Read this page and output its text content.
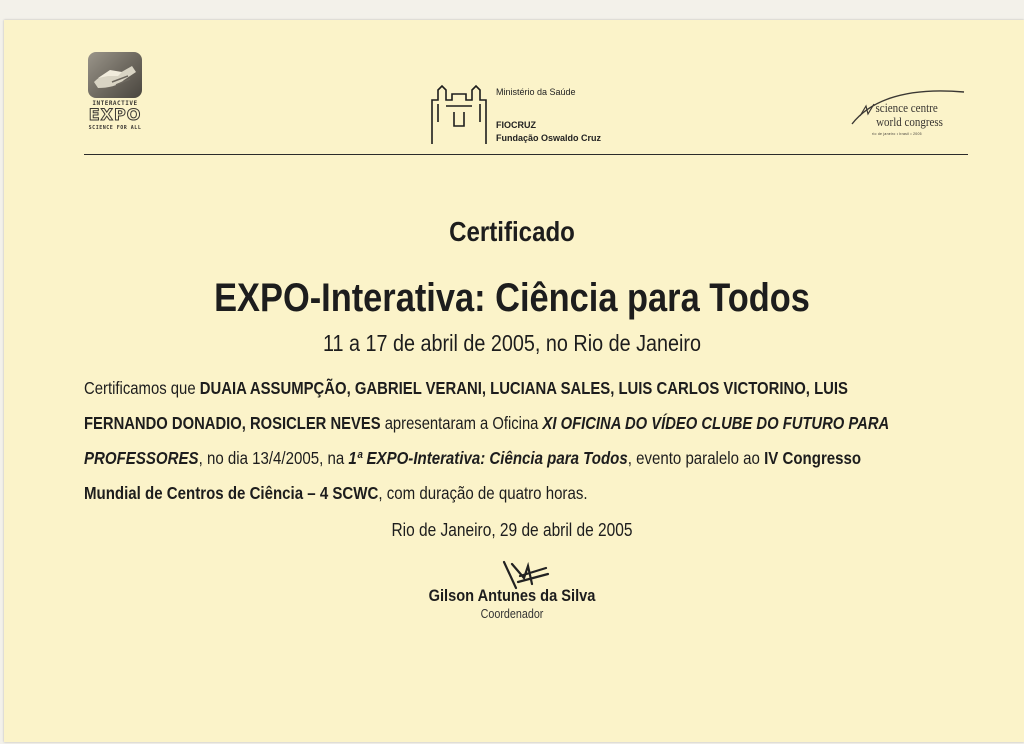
INTERACTIVE
EXPO
SCIENCE FOR ALL
Ministério da Saúde
FIOCRUZ
Fundação Oswaldo Cruz
science centre
world congress
rio de janeiro • brasil • 2005
Certificado
EXPO-Interativa: Ciência para Todos
11 a 17 de abril de 2005, no Rio de Janeiro
Certificamos que DUAIA ASSUMPÇÃO, GABRIEL VERANI, LUCIANA SALES, LUIS CARLOS VICTORINO, LUIS
FERNANDO DONADIO, ROSICLER NEVES apresentaram a Oficina XI OFICINA DO VÍDEO CLUBE DO FUTURO PARA
PROFESSORES, no dia 13/4/2005, na 1ª EXPO-Interativa: Ciência para Todos, evento paralelo ao IV Congresso
Mundial de Centros de Ciência – 4 SCWC, com duração de quatro horas.
Rio de Janeiro, 29 de abril de 2005
Gilson Antunes da Silva
Coordenador
